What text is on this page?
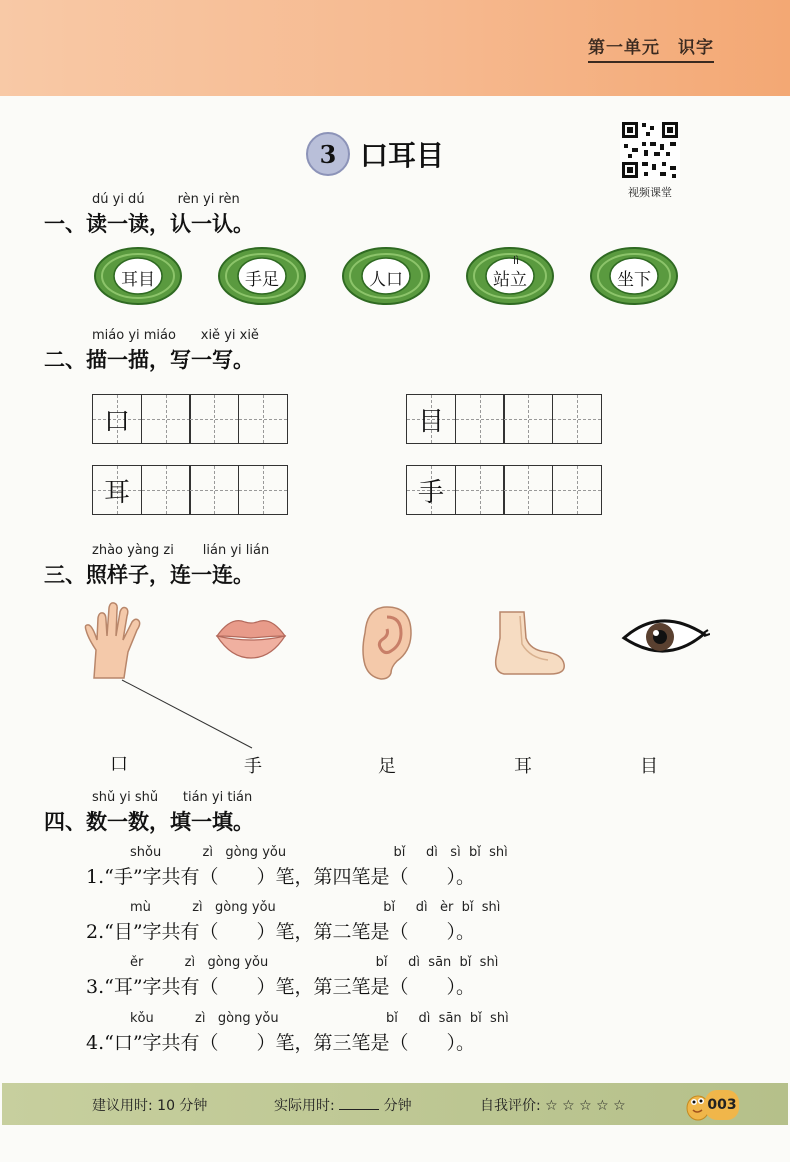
第一单元　识字
3 口耳目
视频课堂
dú yi dú        rèn yi rèn
一、读一读，认一认。
耳目	手足	人口	站立
lì
坐下
miáo yi miáo      xiě yi xiě
二、描一描，写一写。
口	目
耳	手
zhào yàng zi       lián yi lián
三、照样子，连一连。
口	手	足	耳	目
shǔ yi shǔ      tián yi tián
四、数一数，填一填。
shǒu          zì   gòng yǒu                          bǐ     dì   sì  bǐ  shì
1.“手”字共有（　　）笔，第四笔是（　　）。
mù          zì   gòng yǒu                          bǐ     dì   èr  bǐ  shì
2.“目”字共有（　　）笔，第二笔是（　　）。
ěr          zì   gòng yǒu                          bǐ     dì  sān  bǐ  shì
3.“耳”字共有（　　）笔，第三笔是（　　）。
kǒu          zì   gòng yǒu                          bǐ     dì  sān  bǐ  shì
4.“口”字共有（　　）笔，第三笔是（　　）。
建议用时: 10 分钟	实际用时:	分钟	自我评价: ☆ ☆ ☆ ☆ ☆	003
